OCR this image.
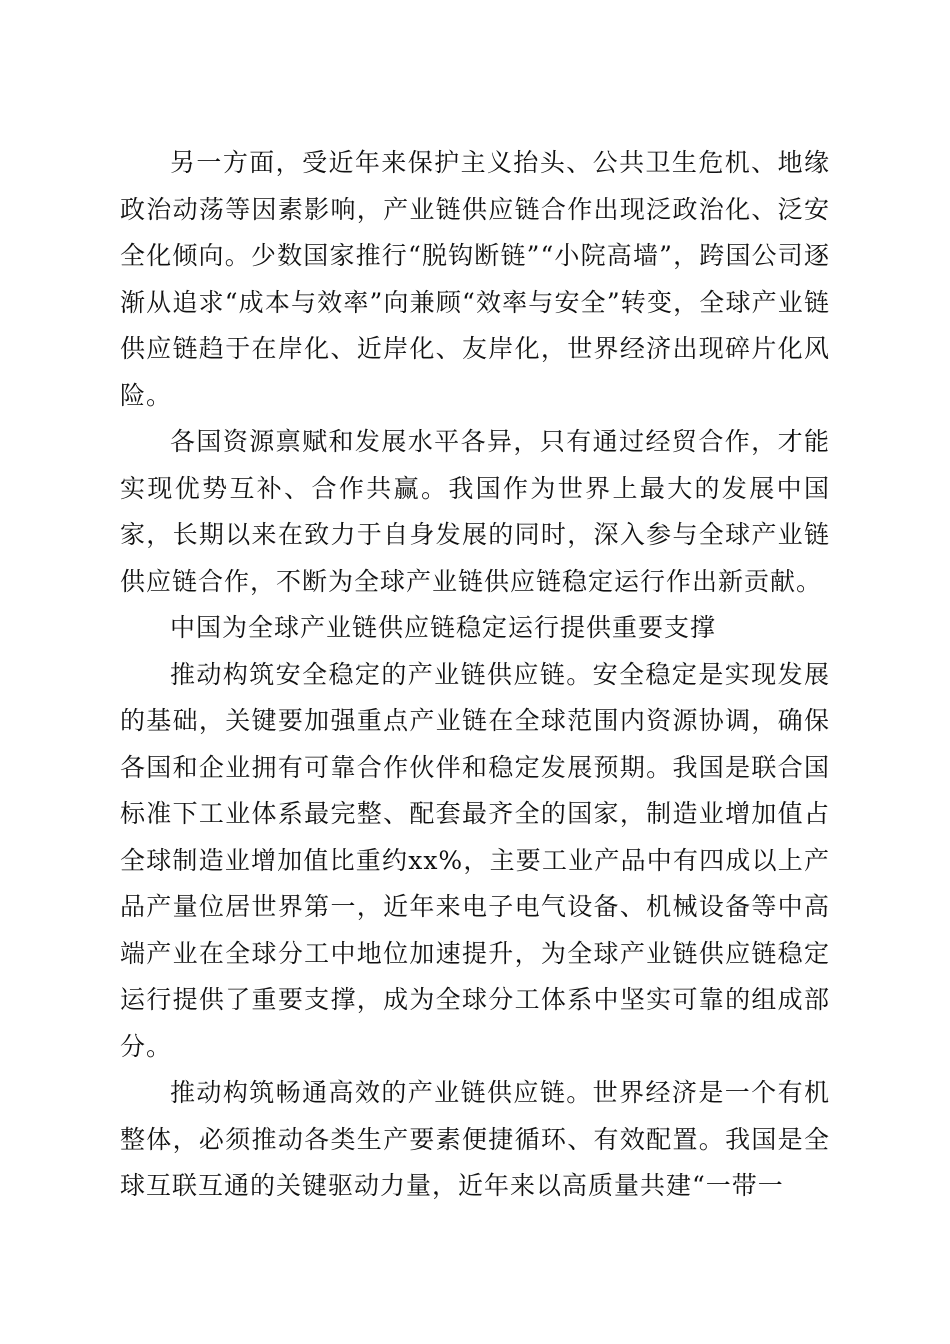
另一方面，受近年来保护主义抬头、公共卫生危机、地缘政治动荡等因素影响，产业链供应链合作出现泛政治化、泛安全化倾向。少数国家推行“脱钩断链”“小院高墙”，跨国公司逐渐从追求“成本与效率”向兼顾“效率与安全”转变，全球产业链供应链趋于在岸化、近岸化、友岸化，世界经济出现碎片化风险。

各国资源禀赋和发展水平各异，只有通过经贸合作，才能实现优势互补、合作共赢。我国作为世界上最大的发展中国家，长期以来在致力于自身发展的同时，深入参与全球产业链供应链合作，不断为全球产业链供应链稳定运行作出新贡献。

中国为全球产业链供应链稳定运行提供重要支撑

推动构筑安全稳定的产业链供应链。安全稳定是实现发展的基础，关键要加强重点产业链在全球范围内资源协调，确保各国和企业拥有可靠合作伙伴和稳定发展预期。我国是联合国标准下工业体系最完整、配套最齐全的国家，制造业增加值占全球制造业增加值比重约xx%，主要工业产品中有四成以上产品产量位居世界第一，近年来电子电气设备、机械设备等中高端产业在全球分工中地位加速提升，为全球产业链供应链稳定运行提供了重要支撑，成为全球分工体系中坚实可靠的组成部分。

推动构筑畅通高效的产业链供应链。世界经济是一个有机整体，必须推动各类生产要素便捷循环、有效配置。我国是全球互联互通的关键驱动力量，近年来以高质量共建“一带一
